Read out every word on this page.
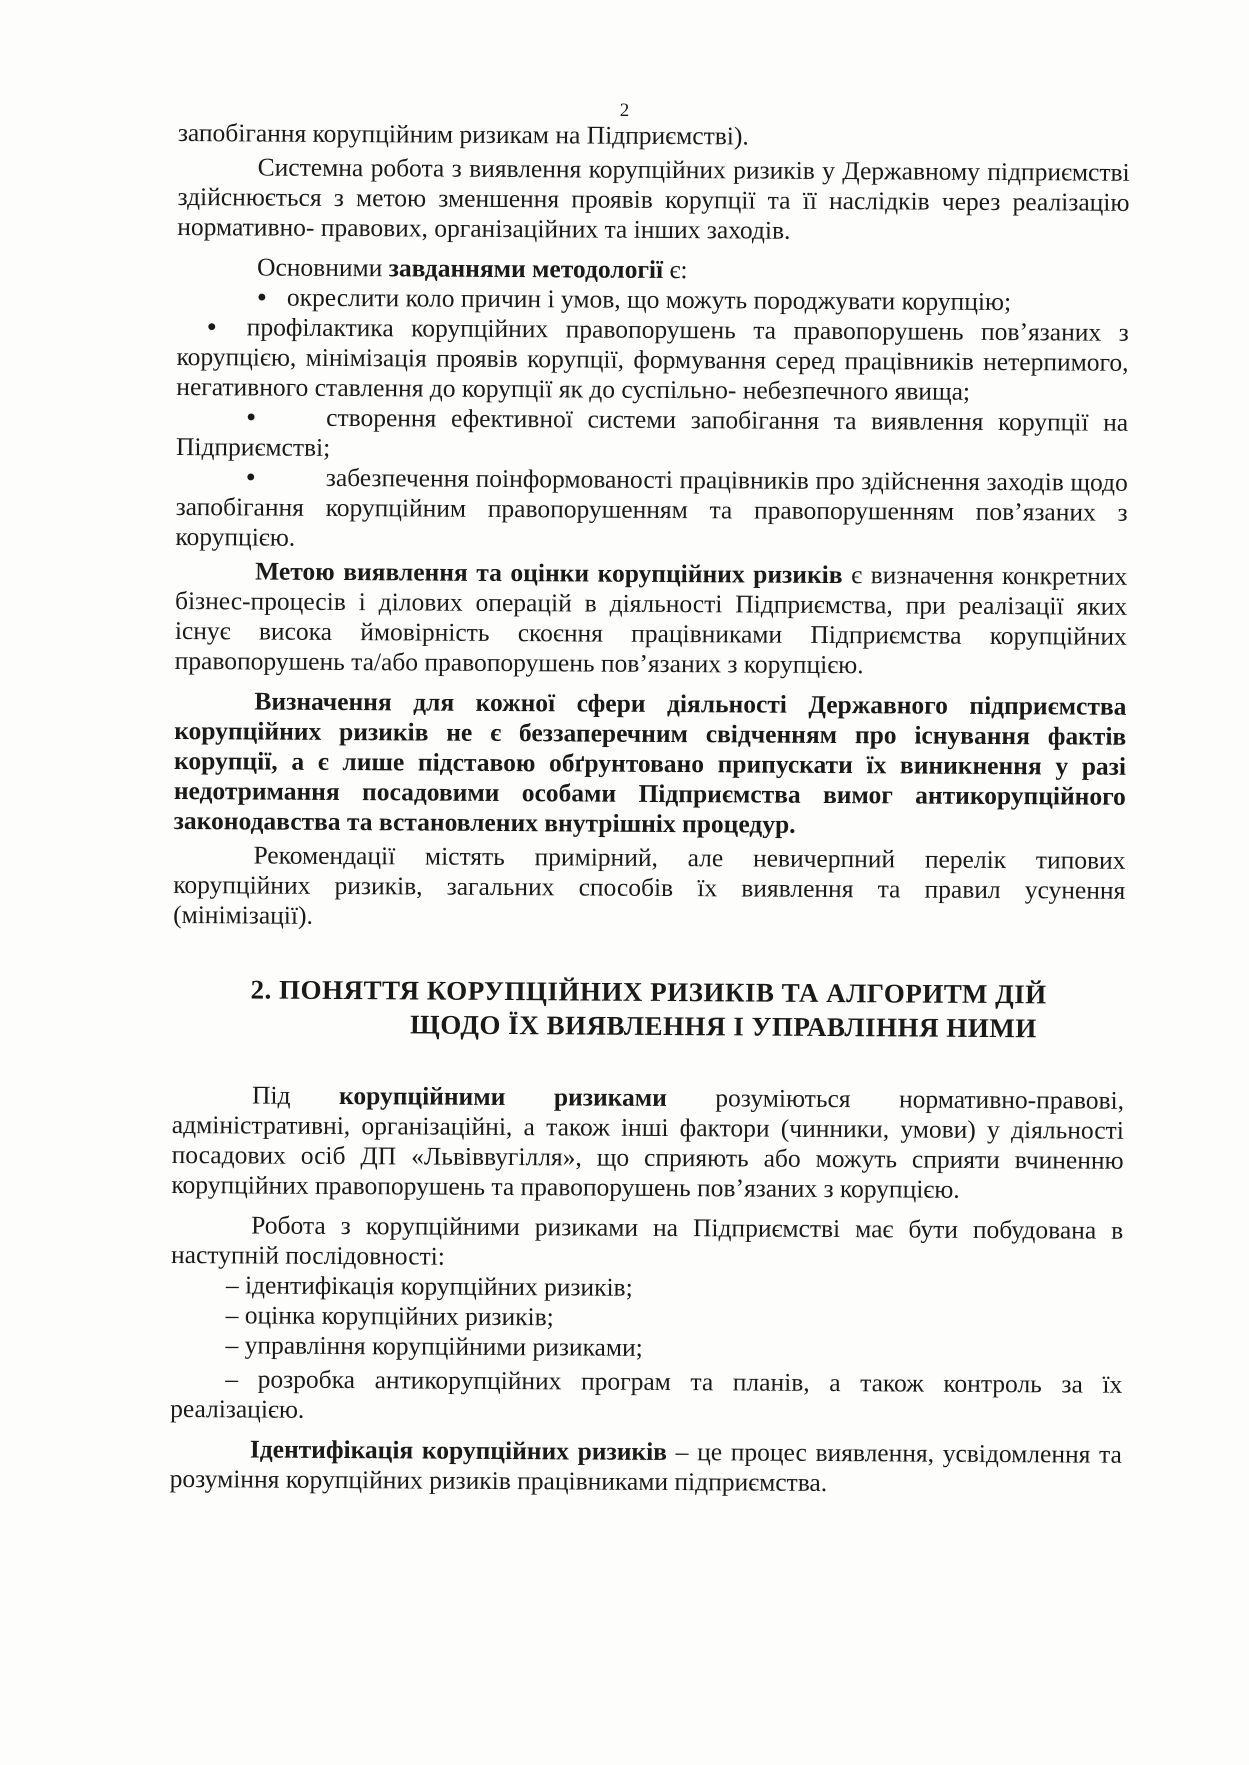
2

запобігання корупційним ризикам на Підприємстві).

Системна робота з виявлення корупційних ризиків у Державному підприємстві здійснюється з метою зменшення проявів корупції та її наслідків через реалізацію нормативно- правових, організаційних та інших заходів.

Основними завданнями методології є:

• окреслити коло причин і умов, що можуть породжувати корупцію;

• профілактика корупційних правопорушень та правопорушень пов’язаних з корупцією, мінімізація проявів корупції, формування серед працівників нетерпимого, негативного ставлення до корупції як до суспільно- небезпечного явища;

•	створення ефективної системи запобігання та виявлення корупції на Підприємстві;

•	забезпечення поінформованості працівників про здійснення заходів щодо запобігання корупційним правопорушенням та правопорушенням пов’язаних з корупцією.

Метою виявлення та оцінки корупційних ризиків є визначення конкретних бізнес-процесів і ділових операцій в діяльності Підприємства, при реалізації яких існує висока ймовірність скоєння працівниками Підприємства корупційних правопорушень та/або правопорушень пов’язаних з корупцією.

Визначення для кожної сфери діяльності Державного підприємства корупційних ризиків не є беззаперечним свідченням про існування фактів корупції, а є лише підставою обґрунтовано припускати їх виникнення у разі недотримання посадовими особами Підприємства вимог антикорупційного законодавства та встановлених внутрішніх процедур.

Рекомендації містять примірний, але невичерпний перелік типових корупційних ризиків, загальних способів їх виявлення та правил усунення (мінімізації).

2. ПОНЯТТЯ КОРУПЦІЙНИХ РИЗИКІВ ТА АЛГОРИТМ ДІЙ
ЩОДО ЇХ ВИЯВЛЕННЯ І УПРАВЛІННЯ НИМИ

Під корупційними ризиками розуміються нормативно-правові, адміністративні, організаційні, а також інші фактори (чинники, умови) у діяльності посадових осіб ДП «Львіввугілля», що сприяють або можуть сприяти вчиненню корупційних правопорушень та правопорушень пов’язаних з корупцією.

Робота з корупційними ризиками на Підприємстві має бути побудована в наступній послідовності:

– ідентифікація корупційних ризиків;

– оцінка корупційних ризиків;

– управління корупційними ризиками;

– розробка антикорупційних програм та планів, а також контроль за їх реалізацією.

Ідентифікація корупційних ризиків – це процес виявлення, усвідомлення та розуміння корупційних ризиків працівниками підприємства.
